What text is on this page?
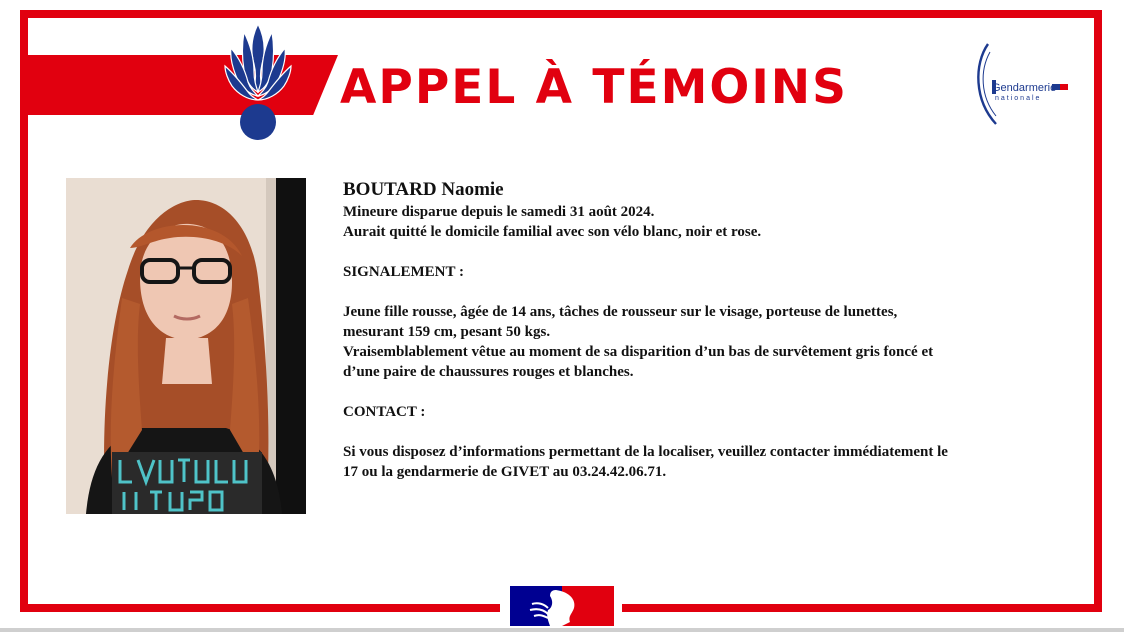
APPEL À TÉMOINS	Gendarmerie
nationale

BOUTARD Naomie

Mineure disparue depuis le samedi 31 août 2024.

Aurait quitté le domicile familial avec son vélo blanc, noir et rose.

SIGNALEMENT :

Jeune fille rousse, âgée de 14 ans, tâches de rousseur sur le visage, porteuse de lunettes,

mesurant 159 cm, pesant 50 kgs.

Vraisemblablement vêtue au moment de sa disparition d’un bas de survêtement gris foncé et

d’une paire de chaussures rouges et blanches.

CONTACT :

Si vous disposez d’informations permettant de la localiser, veuillez contacter immédiatement le

17 ou la gendarmerie de GIVET au 03.24.42.06.71.
